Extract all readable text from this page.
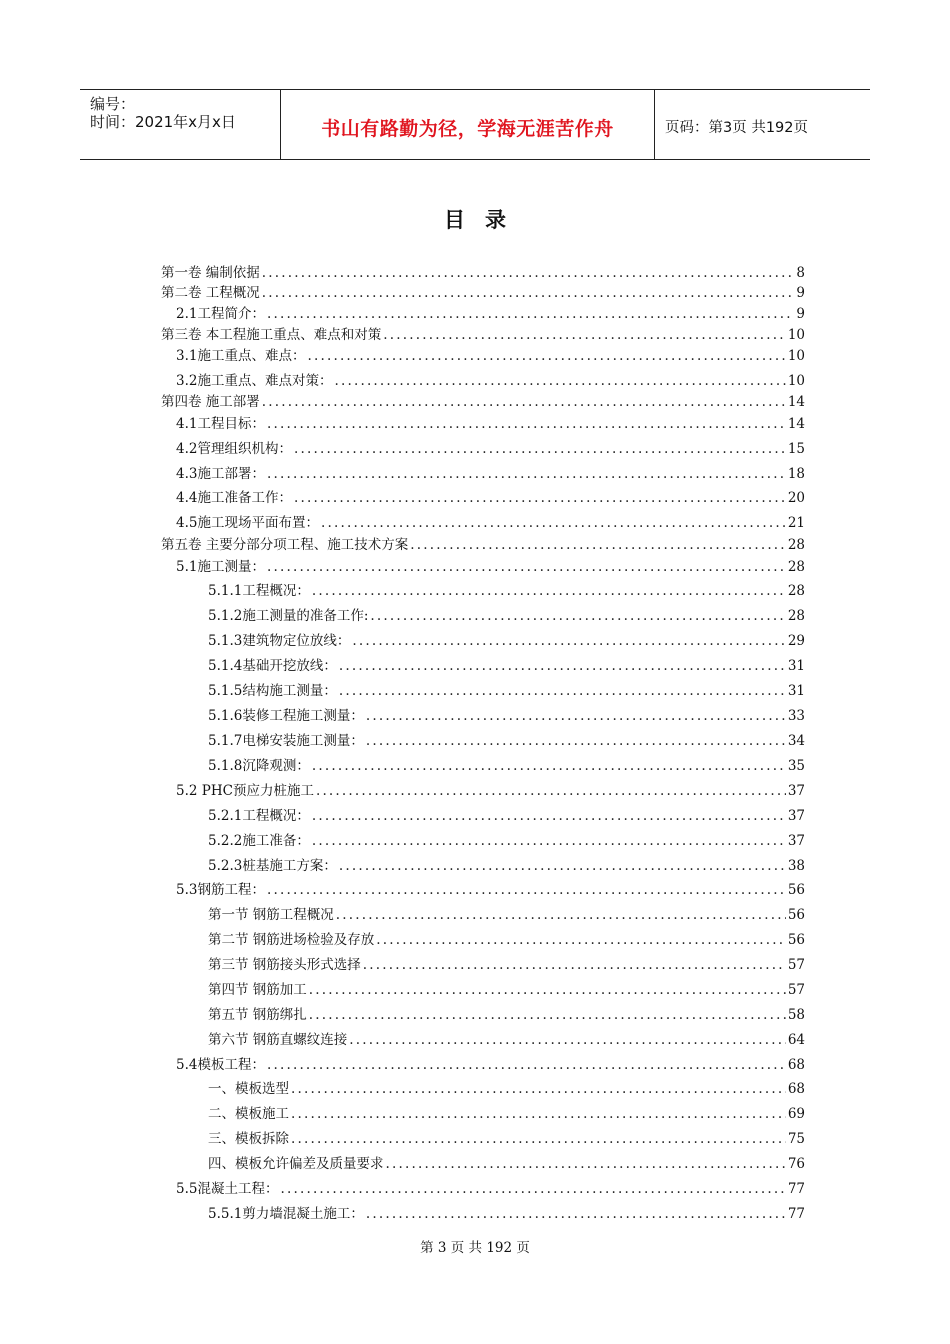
编号：
时间：2021年x月x日	书山有路勤为径，学海无涯苦作舟	页码：第3页 共192页
目 录
第一卷 编制依据 .....	8
第二卷 工程概况 .....	9
2.1工程简介： .....	9
第三卷 本工程施工重点、难点和对策 .....	10
3.1施工重点、难点： .....	10
3.2施工重点、难点对策： .....	10
第四卷 施工部署 .....	14
4.1工程目标： .....	14
4.2管理组织机构： .....	15
4.3施工部署： .....	18
4.4施工准备工作： .....	20
4.5施工现场平面布置： .....	21
第五卷 主要分部分项工程、施工技术方案 .....	28
5.1施工测量： .....	28
5.1.1工程概况： .....	28
5.1.2施工测量的准备工作: .....	28
5.1.3建筑物定位放线： .....	29
5.1.4基础开挖放线： .....	31
5.1.5结构施工测量： .....	31
5.1.6装修工程施工测量： .....	33
5.1.7电梯安装施工测量： .....	34
5.1.8沉降观测： .....	35
5.2 PHC预应力桩施工 .....	37
5.2.1工程概况： .....	37
5.2.2施工准备： .....	37
5.2.3桩基施工方案： .....	38
5.3钢筋工程： .....	56
第一节 钢筋工程概况 .....	56
第二节 钢筋进场检验及存放 .....	56
第三节 钢筋接头形式选择 .....	57
第四节 钢筋加工 .....	57
第五节 钢筋绑扎 .....	58
第六节 钢筋直螺纹连接 .....	64
5.4模板工程： .....	68
一、模板选型 .....	68
二、模板施工 .....	69
三、模板拆除 .....	75
四、模板允许偏差及质量要求 .....	76
5.5混凝土工程： .....	77
5.5.1剪力墙混凝土施工： .....	77
第 3 页 共 192 页
